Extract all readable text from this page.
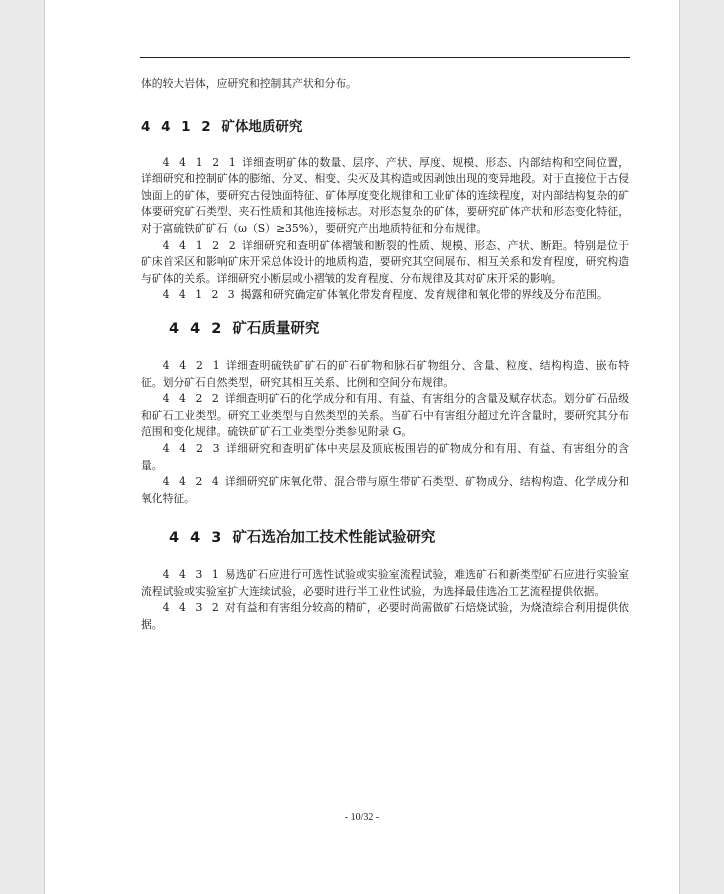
体的较大岩体，应研究和控制其产状和分布。

4 4 1 2 矿体地质研究

4 4 1 2 1 详细查明矿体的数量、层序、产状、厚度、规模、形态、内部结构和空间位置，详细研究和控制矿体的膨缩、分叉、相变、尖灭及其构造或因剥蚀出现的变异地段。对于直接位于古侵蚀面上的矿体，要研究古侵蚀面特征、矿体厚度变化规律和工业矿体的连续程度，对内部结构复杂的矿体要研究矿石类型、夹石性质和其他连接标志。对形态复杂的矿体，要研究矿体产状和形态变化特征，对于富硫铁矿矿石（ω（S）≥35%），要研究产出地质特征和分布规律。

4 4 1 2 2 详细研究和查明矿体褶皱和断裂的性质、规模、形态、产状、断距。特别是位于矿床首采区和影响矿床开采总体设计的地质构造，要研究其空间展布、相互关系和发育程度，研究构造与矿体的关系。详细研究小断层或小褶皱的发育程度、分布规律及其对矿床开采的影响。

4 4 1 2 3 揭露和研究确定矿体氧化带发育程度、发育规律和氧化带的界线及分布范围。

4 4 2 矿石质量研究

4 4 2 1 详细查明硫铁矿矿石的矿石矿物和脉石矿物组分、含量、粒度、结构构造、嵌布特征。划分矿石自然类型，研究其相互关系、比例和空间分布规律。

4 4 2 2 详细查明矿石的化学成分和有用、有益、有害组分的含量及赋存状态。划分矿石品级和矿石工业类型。研究工业类型与自然类型的关系。当矿石中有害组分超过允许含量时，要研究其分布范围和变化规律。硫铁矿矿石工业类型分类参见附录 G。

4 4 2 3 详细研究和查明矿体中夹层及顶底板围岩的矿物成分和有用、有益、有害组分的含量。

4 4 2 4 详细研究矿床氧化带、混合带与原生带矿石类型、矿物成分、结构构造、化学成分和氧化特征。

4 4 3 矿石选冶加工技术性能试验研究

4 4 3 1 易选矿石应进行可选性试验或实验室流程试验，难选矿石和新类型矿石应进行实验室流程试验或实验室扩大连续试验，必要时进行半工业性试验，为选择最佳选冶工艺流程提供依据。

4 4 3 2 对有益和有害组分较高的精矿，必要时尚需做矿石焙烧试验，为烧渣综合利用提供依据。

- 10/32 -
